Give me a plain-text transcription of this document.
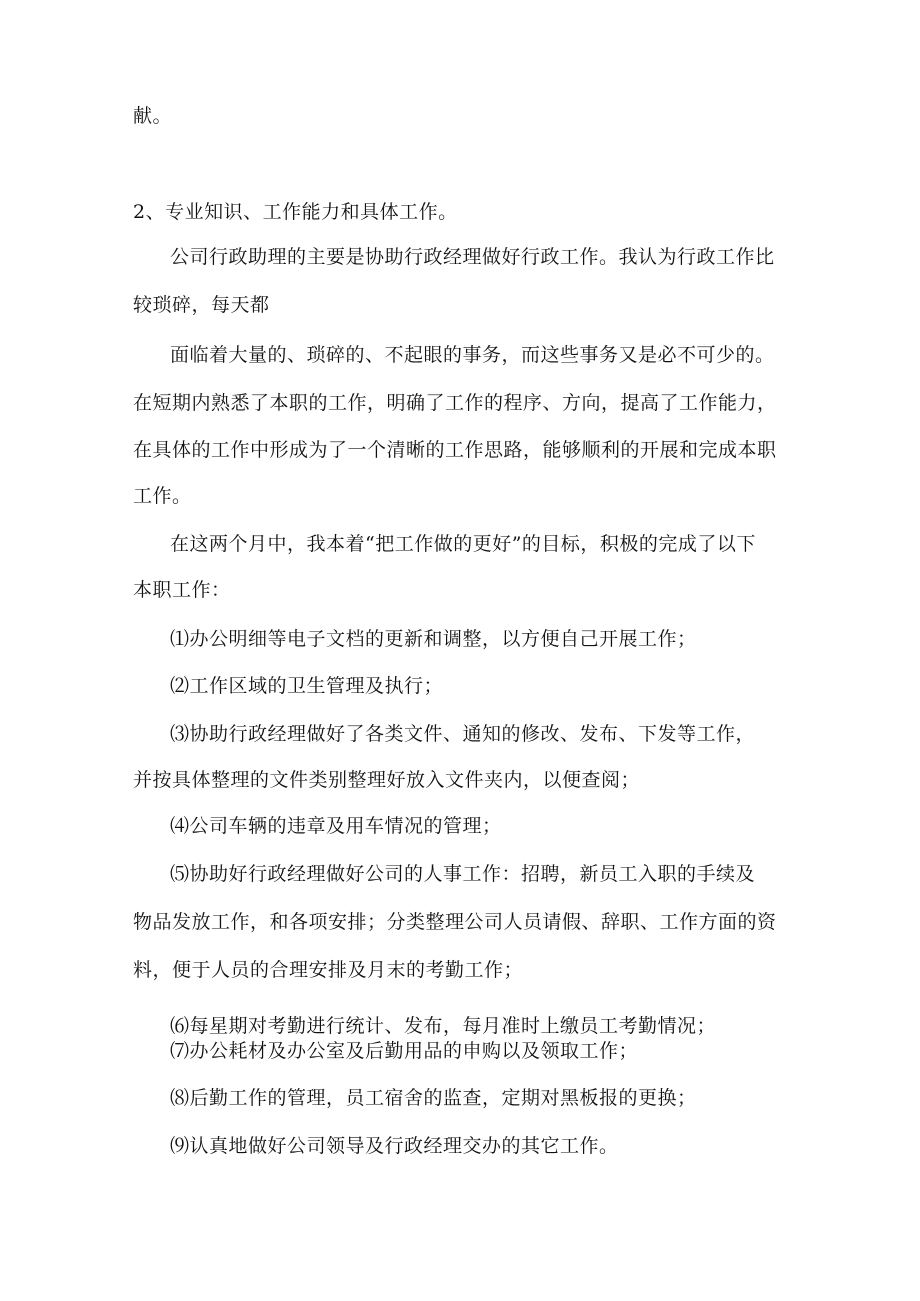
献。

2、专业知识、工作能力和具体工作。

公司行政助理的主要是协助行政经理做好行政工作。我认为行政工作比

较琐碎，每天都

面临着大量的、琐碎的、不起眼的事务，而这些事务又是必不可少的。

在短期内熟悉了本职的工作，明确了工作的程序、方向，提高了工作能力，

在具体的工作中形成为了一个清晰的工作思路，能够顺利的开展和完成本职

工作。

在这两个月中，我本着“把工作做的更好”的目标，积极的完成了以下

本职工作：

⑴办公明细等电子文档的更新和调整，以方便自己开展工作；

⑵工作区域的卫生管理及执行；

⑶协助行政经理做好了各类文件、通知的修改、发布、下发等工作，

并按具体整理的文件类别整理好放入文件夹内，以便查阅；

⑷公司车辆的违章及用车情况的管理；

⑸协助好行政经理做好公司的人事工作：招聘，新员工入职的手续及

物品发放工作，和各项安排；分类整理公司人员请假、辞职、工作方面的资

料，便于人员的合理安排及月末的考勤工作；

⑹每星期对考勤进行统计、发布，每月准时上缴员工考勤情况；

⑺办公耗材及办公室及后勤用品的申购以及领取工作；

⑻后勤工作的管理，员工宿舍的监查，定期对黑板报的更换；

⑼认真地做好公司领导及行政经理交办的其它工作。
